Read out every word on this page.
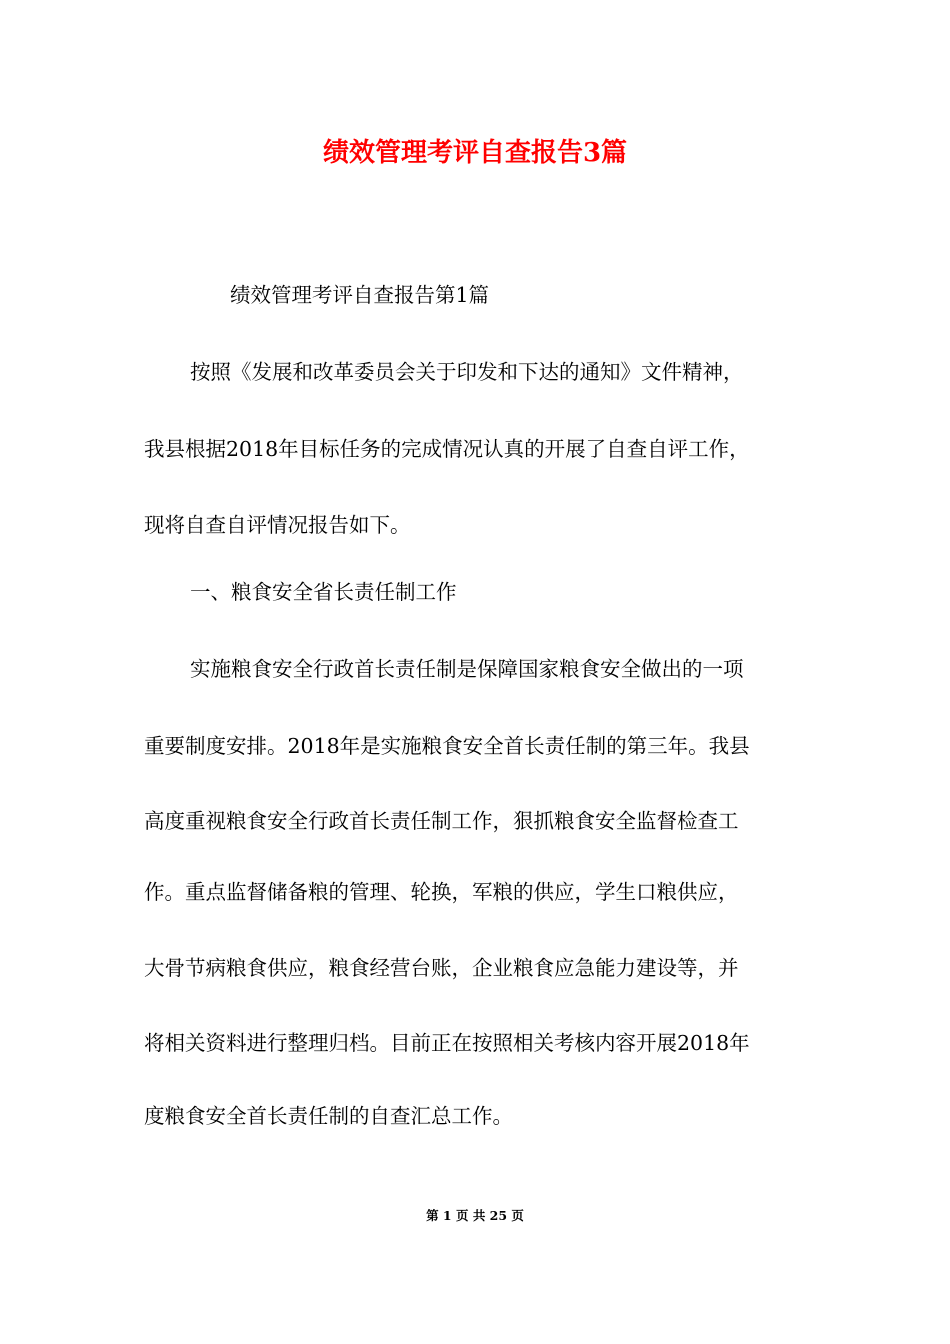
绩效管理考评自查报告3篇
绩效管理考评自查报告第1篇
按照《发展和改革委员会关于印发和下达的通知》文件精神，
我县根据2018年目标任务的完成情况认真的开展了自查自评工作，
现将自查自评情况报告如下。
一、粮食安全省长责任制工作
实施粮食安全行政首长责任制是保障国家粮食安全做出的一项
重要制度安排。2018年是实施粮食安全首长责任制的第三年。我县
高度重视粮食安全行政首长责任制工作，狠抓粮食安全监督检查工
作。重点监督储备粮的管理、轮换，军粮的供应，学生口粮供应，
大骨节病粮食供应，粮食经营台账，企业粮食应急能力建设等，并
将相关资料进行整理归档。目前正在按照相关考核内容开展2018年
度粮食安全首长责任制的自查汇总工作。
第 1 页 共 25 页
